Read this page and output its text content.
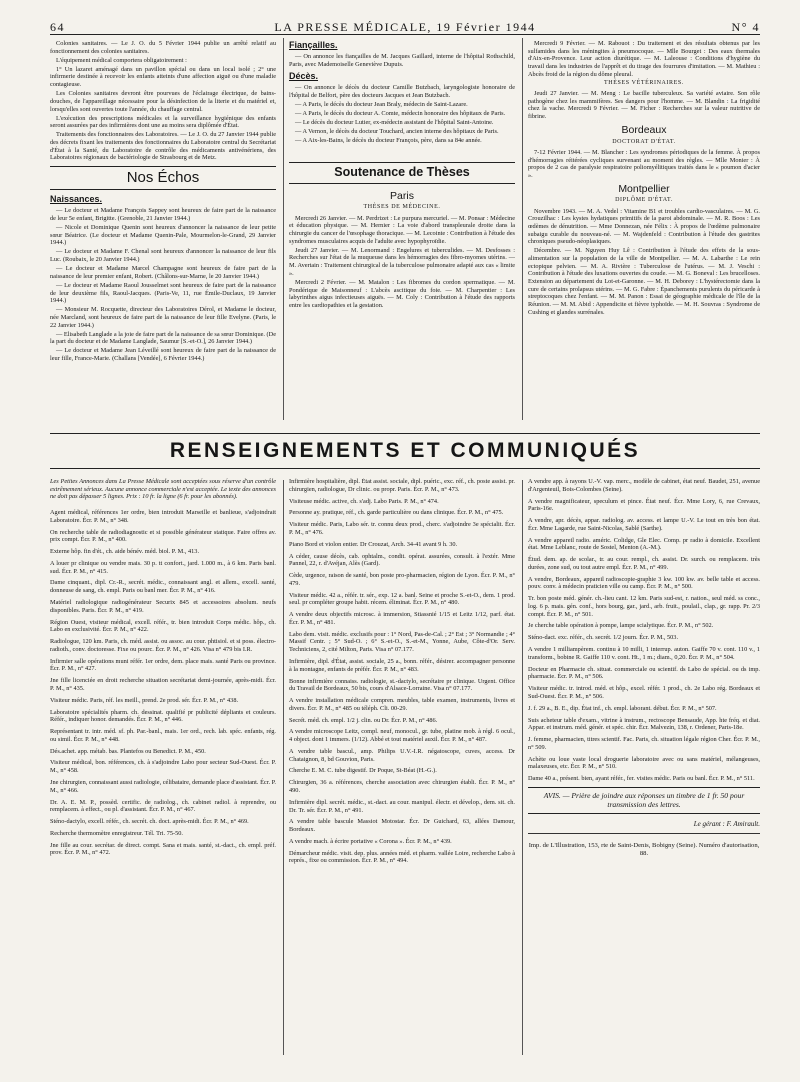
64	LA PRESSE MÉDICALE, 19 Février 1944	N° 4

Colonies sanitaires. — Le J. O. du 5 Février 1944 publie un arrêté relatif au fonctionnement des colonies sanitaires.

L'équipement médical comportera obligatoirement :

1° Un lazaret aménagé dans un pavillon spécial ou dans un local isolé ; 2° une infirmerie destinée à recevoir les enfants atteints d'une affection aiguë ou d'une maladie contagieuse.

Les Colonies sanitaires devront être pourvues de l'éclairage électrique, de bains-douches, de l'appareillage nécessaire pour la désinfection de la literie et du matériel et, lorsqu'elles sont ouvertes toute l'année, du chauffage central.

L'exécution des prescriptions médicales et la surveillance hygiénique des enfants seront assurées par des infirmières dont une au moins sera diplômée d'État.

Traitements des fonctionnaires des Laboratoires. — Le J. O. du 27 Janvier 1944 publie des décrets fixant les traitements des fonctionnaires du Laboratoire central du Secrétariat d'État à la Santé, du Laboratoire de contrôle des médicaments antivénériens, des Laboratoires régionaux de bactériologie de Strasbourg et de Metz.

Nos Échos
Naissances.

— Le docteur et Madame François Sappey sont heureux de faire part de la naissance de leur 5e enfant, Brigitte. (Grenoble, 21 Janvier 1944.)

— Nicole et Dominique Quenin sont heureux d'annoncer la naissance de leur petite sœur Béatrice. (Le docteur et Madame Quenin-Pale, Mourmelon-le-Grand, 29 Janvier 1944.)

— Le docteur et Madame F. Chenal sont heureux d'annoncer la naissance de leur fils Luc. (Roubaix, le 20 Janvier 1944.)

— Le docteur et Madame Marcel Champagne sont heureux de faire part de la naissance de leur premier enfant, Robert. (Châlons-sur-Marne, le 20 Janvier 1944.)

— Le docteur et Madame Raoul Jousselmet sont heureux de faire part de la naissance de leur deuxième fils, Raoul-Jacques. (Paris-Ve, 11, rue Émile-Duclaux, 19 Janvier 1944.)

— Monsieur M. Rocquette, directeur des Laboratoires Dérol, et Madame le docteur, née Marcland, sont heureux de faire part de la naissance de leur fille Evelyne. (Paris, le 22 Janvier 1944.)

— Elisabeth Langlade a la joie de faire part de la naissance de sa sœur Dominique. (De la part du docteur et de Madame Langlade, Saumur [S.-et-O.], 26 Janvier 1944.)

— Le docteur et Madame Jean Léveillé sont heureux de faire part de la naissance de leur fille, France-Marie. (Challans [Vendée], 6 Février 1944.)

Fiançailles.

— On annonce les fiançailles de M. Jacques Gaillard, interne de l'hôpital Rothschild, Paris, avec Mademoiselle Geneviève Dupuis.

Décès.

— On annonce le décès du docteur Camille Butzbach, laryngologiste honoraire de l'hôpital de Belfort, père des docteurs Jacques et Jean Butzbach.

— A Paris, le décès du docteur Jean Braly, médecin de Saint-Lazare.

— A Paris, le décès du docteur A. Comte, médecin honoraire des hôpitaux de Paris.

— Le décès du docteur Lutier, ex-médecin assistant de l'hôpital Saint-Antoine.

— A Vernon, le décès du docteur Touchard, ancien interne des hôpitaux de Paris.

— A Aix-les-Bains, le décès du docteur François, père, dans sa 84e année.

Soutenance de Thèses
Paris
THÈSES DE MÉDECINE.

Mercredi 26 Janvier. — M. Perdrizet : Le purpura mercuriel. — M. Ponsar : Médecine et éducation physique. — M. Hernier : La voie d'abord transpleurale droite dans la chirurgie du cancer de l'œsophage thoracique. — M. Lecointe : Contribution à l'étude des syndromes musculaires acquis de l'adulte avec hypophyroïdie.

Jeudi 27 Janvier. — M. Lenormand : Engelures et tuberculides. — M. Desfosses : Recherches sur l'état de la muqueuse dans les hémorragies des fibro-myomes utérins. — M. Avertain : Traitement chirurgical de la tuberculose pulmonaire adapté aux cas « limite ».

Mercredi 2 Février. — M. Matalon : Les fibromes du cordon spermatique. — M. Pondérique de Maisonneuf : L'abcès ascitique du foie. — M. Charpentier : Les labyrinthes aigus infectieuses aiguës. — M. Coly : Contribution à l'étude des rapports entre les cardiopathies et la gestation.

Mercredi 9 Février. — M. Rabouot : Du traitement et des résultats obtenus par les sulfamides dans les méningites à pneumocoque. — Mlle Bourget : Des eaux thermales d'Aix-en-Provence. Leur action diurétique. — M. Laleouse : Conditions d'hygiène du travail dans les industries de l'apprêt et du tirage des fourrures d'imitation. — M. Mathieu : Abcès froid de la région du dôme pleural.

THÈSES VÉTÉRINAIRES.

Jeudi 27 Janvier. — M. Meng : Le bacille tuberculeux. Sa variété aviaire. Son rôle pathogène chez les mammifères. Ses dangers pour l'homme. — M. Blandin : La frigidité chez la vache. Mercredi 9 Février. — M. Ficher : Recherches sur la valeur nutritive de fibrine.

Bordeaux
DOCTORAT D'ÉTAT.

7-12 Février 1944. — M. Blancher : Les syndromes périodiques de la femme. À propos d'hémorragies réitérées cycliques survenant au moment des règles. — Mlle Monier : À propos de 2 cas de paralysie respiratoire poliomyélitiques traités dans le « poumon d'acier ».

Montpellier
DIPLÔME D'ÉTAT.

Novembre 1943. — M. A. Vedel : Vitamine B1 et troubles cardio-vasculaires. — M. G. Crouzilhac : Les kystes hydatiques primitifs de la paroi abdominale. — M. R. Boos : Les œdèmes de dénutrition. — Mme Donnezan, née Félix : À propos de l'œdème pulmonaire subaigu curable du nouveau-né. — M. Wajdenfeld : Contribution à l'étude des gastrites chroniques pseudo-néoplasiques.

Décembre. — M. Nguyen Huy Lê : Contribution à l'étude des effets de la sous-alimentation sur la population de la ville de Montpellier. — M. A. Labarthe : Le rein ectopique pelvien. — M. A. Rivière : Tuberculose de l'utérus. — M. J. Veschi : Contribution à l'étude des luxations ouvertes du coude. — M. G. Boneval : Les brucelloses. Extension au département du Lot-et-Garonne. — M. H. Deborey : L'hystérectomie dans la cure de certains prolapsus utérins. — M. G. Fabre : Épanchements purulents du péricarde à streptocoques chez l'enfant. — M. M. Panon : Essai de géographie médicale de l'île de la Réunion. — M. M. Abid : Appendicite et fièvre typhoïde. — M. H. Souvras : Syndrome de Cushing et glandes surrénales.

RENSEIGNEMENTS ET COMMUNIQUÉS

Les Petites Annonces dans La Presse Médicale sont acceptées sous réserve d'un contrôle extrêmement sérieux. Aucune annonce commerciale n'est acceptée. Le texte des annonces ne doit pas dépasser 5 lignes. Prix : 10 fr. la ligne (6 fr. pour les abonnés).

Agent médical, références 1er ordre, bien introduit Marseille et banlieue, s'adjoindrait Laboratoire. Écr. P. M., n° 348.

On recherche table de radiodiagnostic et si possible générateur statique. Faire offres av. prix compt. Écr. P. M., n° 400.

Externe hôp. fin d'ét., ch. aide bénév. méd. biol. P. M., 413.

A louer pr clinique ou vendre mais. 30 p. tt confort., jard. 1.000 m., à 6 km. Paris banl. sud. Écr. P. M., n° 415.

Dame cinquant., dipl. Cr.-R., secrét. médic., connaissant angl. et allem., excell. santé, donneuse de sang, ch. empl. Paris ou banl mer. Écr. P. M., n° 416.

Matériel radiologique radiogénérateur Securix 845 et accessoires absolum. neufs disponibles. Paris. Écr. P. M., n° 419.

Région Ouest, visiteur médical, excell. référ., tr. bien introduit Corps médic. hôp., ch. Labo en exclusivité. Écr. P. M., n° 422.

Radiologue, 120 km. Paris, ch. méd. assist. ou assoc. au cour. phtisiol. et si poss. électro-radioth., conv. doctoresse. Fixe ou pourc. Écr. P. M., n° 426. Visa n° 479 bis I.R.

Infirmier salle opérations muni référ. 1er ordre, dem. place mais. santé Paris ou province. Écr. P. M., n° 427.

Jne fille licenciée en droit recherche situation secrétariat demi-journée, après-midi. Écr. P. M., n° 435.

Visiteur médic. Paris, réf. les meill., prend. 2e prod. sér. Écr. P. M., n° 438.

Laboratoire spécialités pharm. ch. dessinat. qualifié pr publicité dépliants et couleurs. Référ., indiquer honor. demandés. Écr. P. M., n° 446.

Représentant tr. intr. méd. sf. ph. Par.-banl., mais. 1er ord., rech. lab. spéc. enfants, rég. ou simil. Écr. P. M., n° 448.

Dés.achet. app. métab. bas. Plantefos ou Benedict. P. M., 450.

Visiteur médical, bon. références, ch. à s'adjoindre Labo pour secteur Sud-Ouest. Écr. P. M., n° 458.

Jne chirurgien, connaissant aussi radiologie, célibataire, demande place d'assistant. Écr. P. M., n° 466.

Dr. A. E. M. P., possèd. certific. de radiolog., ch. cabinet radiol. à reprendre, ou remplacem. à effect., ou pl. d'assistant. Écr. P. M., n° 467.

Sténo-dactylo, excell. référ., ch. secrét. ch. doct. après-midi. Écr. P. M., n° 469.

Recherche thermomètre enregistreur. Tél. Tri. 75-50.

Jne fille au cour. secrétar. de direct. compt. Sana et mais. santé, st.-dact., ch. empl. préf. prov. Écr. P. M., n° 472.

Infirmière hospitalière, dipl. État assist. sociale, dipl. puéric., exc. réf., ch. poste assist. pr. chirurgien, radiologue, Dr clinic. ou propr. Paris. Écr. P. M., n° 473.

Visiteuse médic. active, ch. s'adj. Labo Paris. P. M., n° 474.

Personne ay. pratique, réf., ch. garde particulière ou dans clinique. Écr. P. M., n° 475.

Visiteur médic. Paris, Labo sér. tr. connu deux prod., cherc. s'adjoindre 3e spécialit. Écr. P. M., n° 476.

Piano Bord et violon entier. Dr Crouzat, Arch. 34-41 avant 9 h. 30.

A céder, cause décès, cab. ophtalm., condit. opérat. assurées, consult. à l'extér. Mme Pannel, 22, r. d'Avéjan, Alès (Gard).

Cède, urgence, raison de santé, bon poste pro-pharmacien, région de Lyon. Écr. P. M., n° 479.

Visiteur médic. 42 a., référ. tr. sér., exp. 12 a. banl. Seine et proche S.-et-O., dem. 1 prod. seul. pr compléter groupe habit. récem. éliminat. Écr. P. M., n° 480.

A vendre deux objectifs microsc. à immersion, Stiassnié 1/15 et Leitz 1/12, parf. état. Écr. P. M., n° 481.

Labo dem. visit. médic. exclusifs pour : 1° Nord, Pas-de-Cal. ; 2° Est ; 3° Normandie ; 4° Massif Centr. ; 5° Sud-O. ; 6° S.-et-O., S.-et-M., Yonne, Aube, Côte-d'Or. Serv. Techniciens, 2, cité Milton, Paris. Visa n° 07.177.

Infirmière, dipl. d'État, assist. sociale, 25 a., bonn. référ., désirer. accompagner personne à la montagne, enfants de préfér. Écr. P. M., n° 483.

Bonne infirmière connaiss. radiologie, st.-dactylo, secrétaire pr clinique. Urgent. Office du Travail de Bordeaux, 50 bis, cours d'Alsace-Lorraine. Visa n° 07.177.

A vendre installation médicale compren. meubles, table examen, instruments, livres et divers. Écr. P. M., n° 485 ou téléph. Cli. 00-29.

Secrét. méd. ch. empl. 1/2 j. clin. ou Dr. Écr. P. M., n° 486.

A vendre microscope Leitz, compl. neuf, monocul., gr. tube, platine mob. à régl. 6 ocul., 4 object. dont 1 immers. (1/12). Abbé et tout matériel auxil. Écr. P. M., n° 487.

A vendre table bascul., amp. Philips U.V.-I.R. négatoscope, cuves, access. Dr Chataignon, 8, bd Gouvion, Paris.

Cherche E. M. C. tube digestif. Dr Poque, St-Béat (H.-G.).

Chirurgien, 36 a. références, cherche association avec chirurgien établi. Écr. P. M., n° 490.

Infirmière dipl. secrét. médic., st.-dact. au cour. manipul. électr. et dévelop., dem. sit. ch. Dr. Tr. sér. Écr. P. M., n° 491.

A vendre table bascule Massiot Motostar. Écr. Dr Guichard, 63, allées Damour, Bordeaux.

A vendre mach. à écrire portative « Corona ». Écr. P. M., n° 439.

Démarcheur médic. visit. dep. plus. années méd. et pharm. vallée Loire, recherche Labo à représ., fixe ou commission. Écr. P. M., n° 494.

A vendre app. à rayons U.-V. vap. merc., modèle de cabinet, état neuf. Baudet, 251, avenue d'Argenteuil, Bois-Colombes (Seine).

A vendre magnificateur, speculum et pince. État neuf. Écr. Mme Lory, 6, rue Crevaux, Paris-16e.

A vendre, apr. décès, appar. radiolog. av. access. et lampe U.-V. Le tout en très bon état. Écr. Mme Lagarde, rue Saint-Nicolas, Sablé (Sarthe).

A vendre appareil radio. améric. Colidge, Gle Elec. Comp. pr radio à domicile. Excellent état. Mme Leblanc, route de Sostel, Menton (A.-M.).

Étud. dem. ap. de scolar., tr. au cour. rempl., ch. assist. Dr. surch. ou remplacem. très durées, zone sud, ou tout autre empl. Écr. P. M., n° 499.

A vendre, Bordeaux, appareil radioscopie-graphie 3 kw. 100 kw. av. belle table et access. pouv. conv. à médecin praticien ville ou camp. Écr. P. M., n° 500.

Tr. bon poste méd. génér. ch.-lieu cant. 12 km. Paris sud-est, r. nation., seul méd. ss conc., log. 6 p. mais. gén. conf., hors bourg, gar., jard., arb. fruit., poulail., clap., gr. rapp. Pr. 2/3 compt. Écr. P. M., n° 501.

Je cherche table opération à pompe, lampe scialytique. Écr. P. M., n° 502.

Sténo-dact. exc. référ., ch. secrét. 1/2 journ. Écr. P. M., 503.

A vendre 1 milliampèrem. continu à 10 milli, 1 interrup. auton. Gaiffe 70 v. cont. 110 v., 1 transform., bobine R. Gaiffe 110 v. cont. Ht., 1 m.; diam., 0,20. Écr. P. M., n° 504.

Docteur en Pharmacie ch. situat. commerciale ou scientif. ds Labo de spécial. ou ds imp. pharmacie. Écr. P. M., n° 506.

Visiteur médic. tr. introd. méd. et hôp., excel. référ. 1 prod., ch. 2e Labo rég. Bordeaux et Sud-Ouest. Écr. P. M., n° 506.

J. f. 29 a., B. E., dip. État inf., ch. empl. laborant. début. Écr. P. M., n° 507.

Suis acheteur table d'exam., vitrine à instrum., rectoscope Bensaude, App. hte fréq. et diat. Appar. et instrum. méd. génér. et spéc. chir. Écr. Malvezin, 138, r. Ordener, Paris-18e.

J. femme, pharmacien, titres scientif. Fac. Paris, ch. situation légale région Cher. Écr. P. M., n° 509.

Achète ou loue vaste local droguerie laboratoire avec ou sans matériel, mélangeuses, malaxeuses, etc. Écr. P. M., n° 510.

Dame 40 a., présent. bien, ayant référ., fer. visites médic. Paris ou banl. Écr. P. M., n° 511.

AVIS. — Prière de joindre aux réponses un timbre de 1 fr. 50 pour transmission des lettres.
Le gérant : F. Amirault.
Imp. de L'Illustration, 153, rte de Saint-Denis, Bobigny (Seine). Numéro d'autorisation, 88.
